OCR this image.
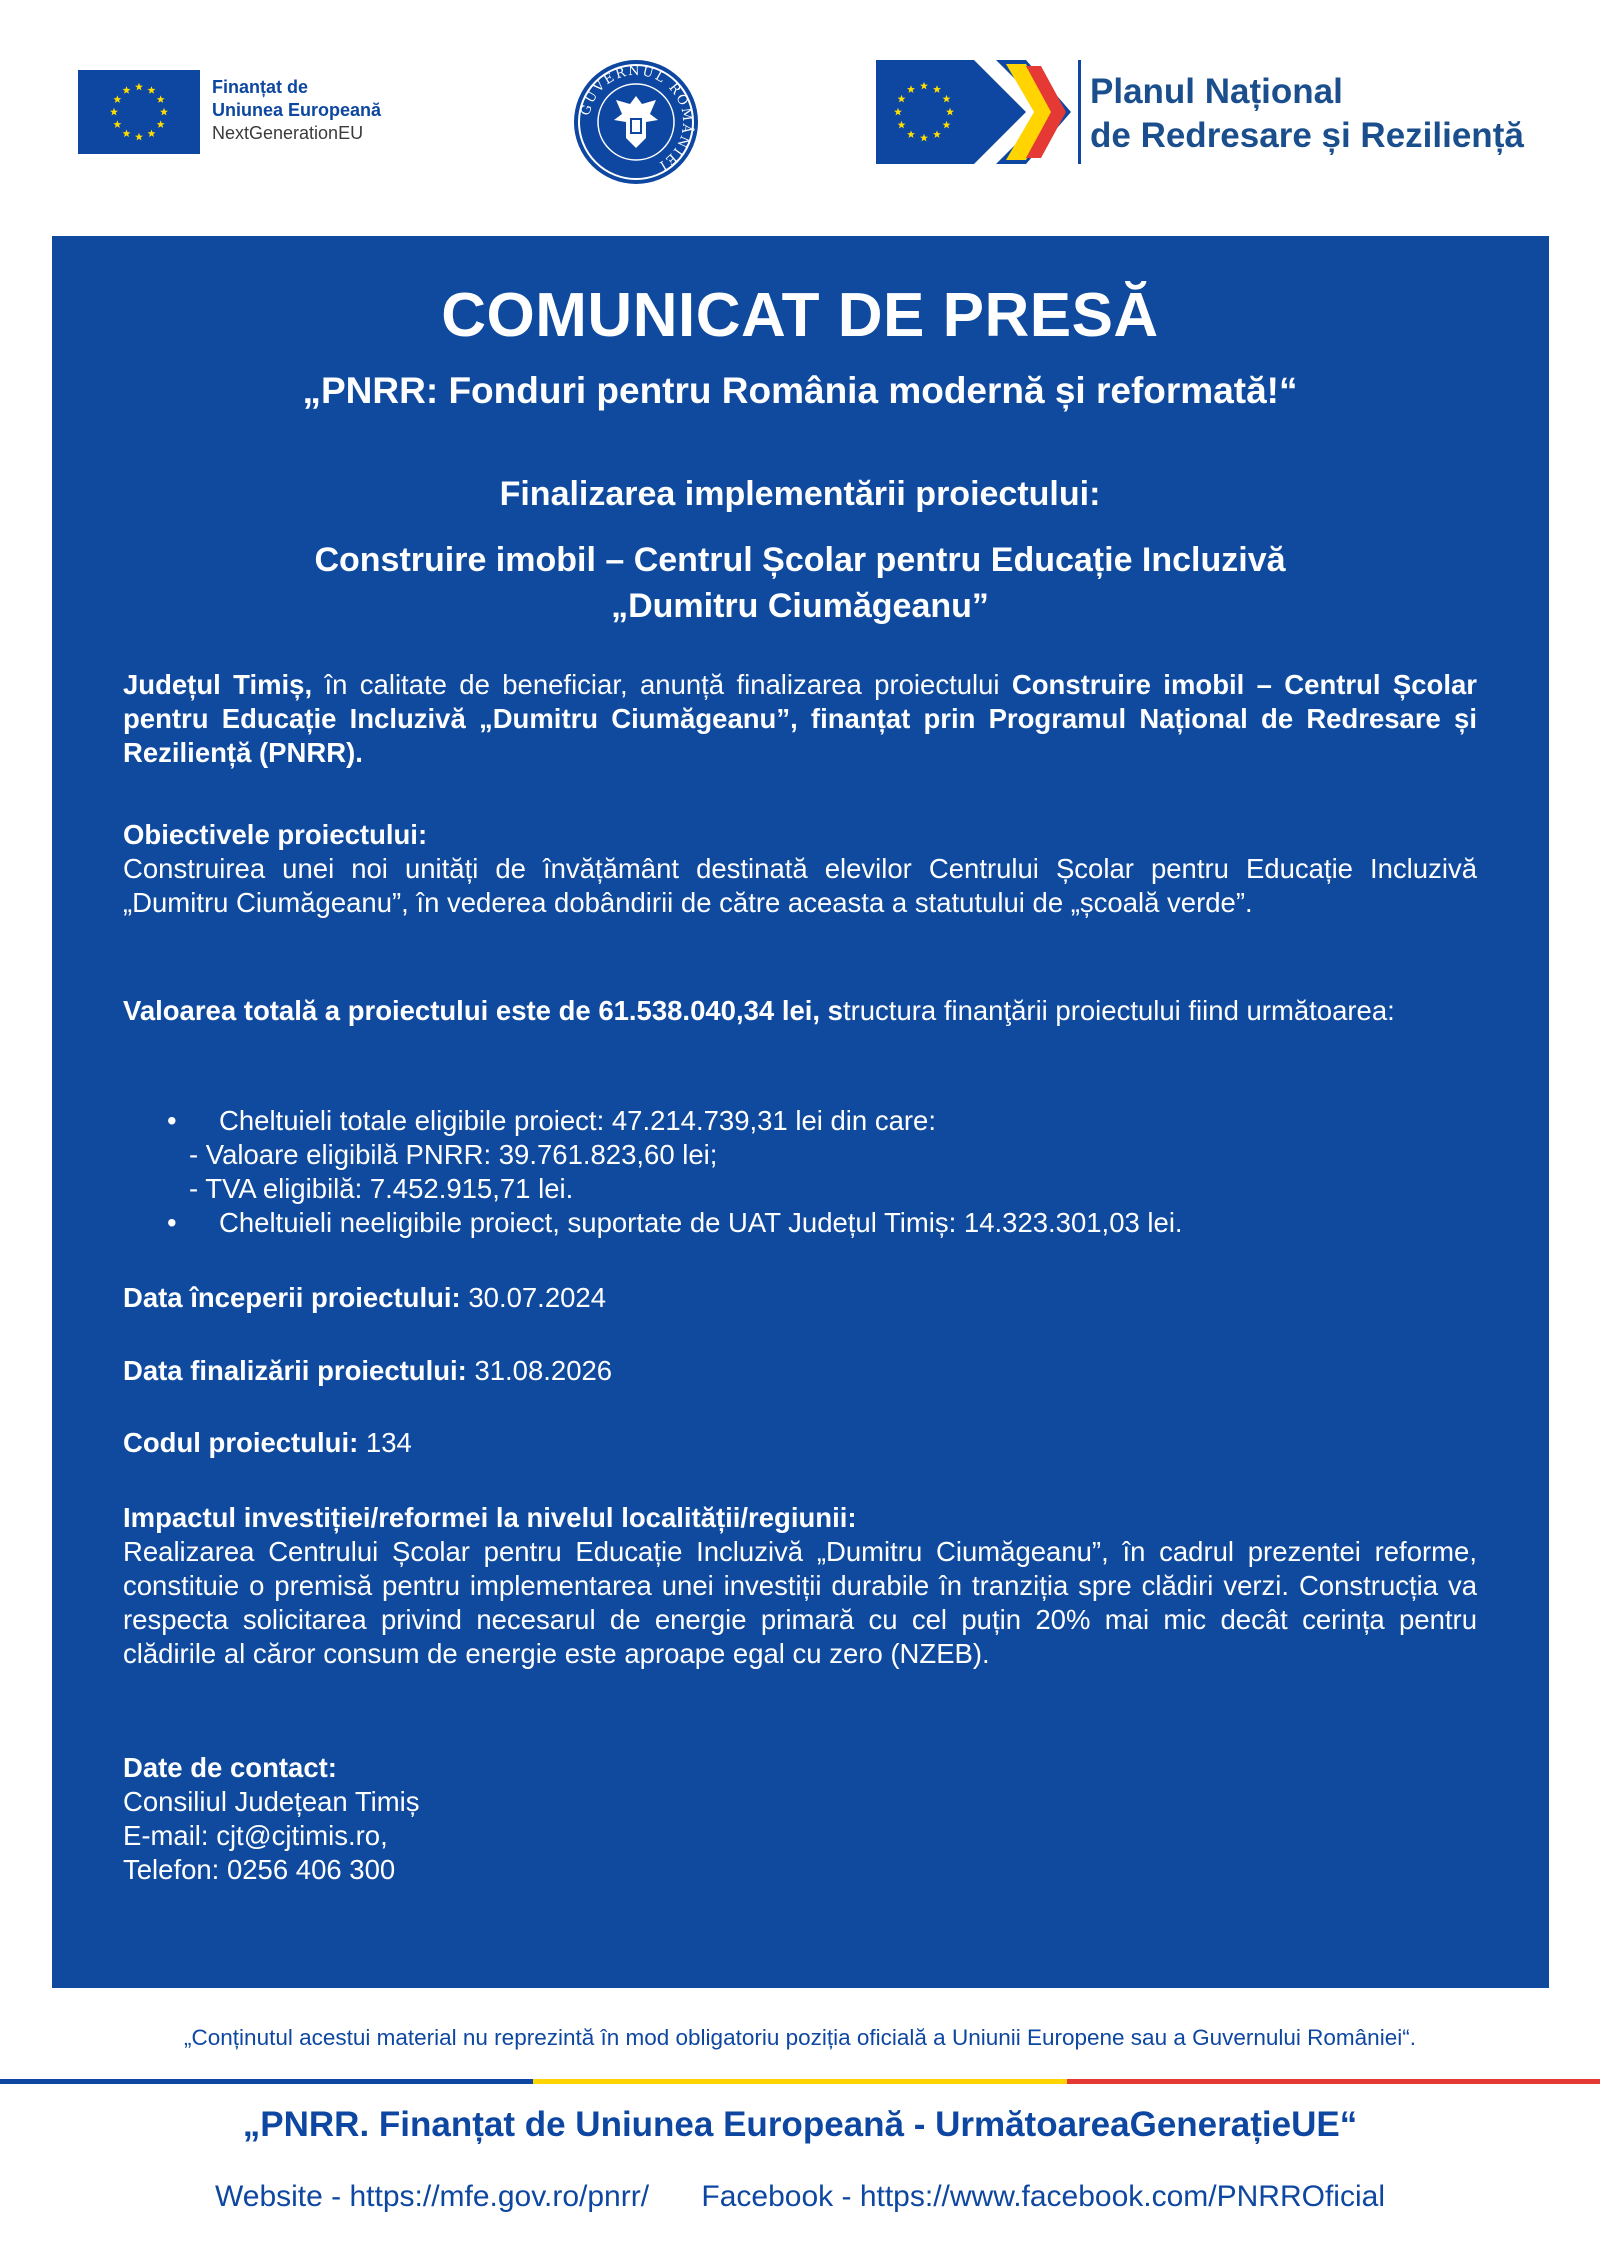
Finanțat de
Uniunea Europeană
NextGenerationEU
GUVERNUL ROMÂNIEI
Planul Național
de Redresare și Reziliență
COMUNICAT DE PRESĂ
„PNRR: Fonduri pentru România modernă și reformată!“
Finalizarea implementării proiectului:
Construire imobil – Centrul Școlar pentru Educație Incluzivă
„Dumitru Ciumăgeanu”
Județul Timiș, în calitate de beneficiar, anunță finalizarea proiectului Construire imobil – Centrul Școlar pentru Educație Incluzivă „Dumitru Ciumăgeanu”, finanțat prin Programul Național de Redresare și Reziliență (PNRR).
Obiectivele proiectului:
Construirea unei noi unități de învățământ destinată elevilor Centrului Școlar pentru Educație Incluzivă „Dumitru Ciumăgeanu”, în vederea dobândirii de către aceasta a statutului de „școală verde”.
Valoarea totală a proiectului este de 61.538.040,34 lei, structura finanţării proiectului fiind următoarea:
• Cheltuieli totale eligibile proiect: 47.214.739,31 lei din care:
- Valoare eligibilă PNRR: 39.761.823,60 lei;
- TVA eligibilă: 7.452.915,71 lei.
• Cheltuieli neeligibile proiect, suportate de UAT Județul Timiș: 14.323.301,03 lei.
Data începerii proiectului: 30.07.2024
Data finalizării proiectului: 31.08.2026
Codul proiectului: 134
Impactul investiției/reformei la nivelul localității/regiunii:
Realizarea Centrului Școlar pentru Educație Incluzivă „Dumitru Ciumăgeanu”, în cadrul prezentei reforme, constituie o premisă pentru implementarea unei investiții durabile în tranziția spre clădiri verzi. Construcția va respecta solicitarea privind necesarul de energie primară cu cel puțin 20% mai mic decât cerința pentru clădirile al căror consum de energie este aproape egal cu zero (NZEB).
Date de contact:
Consiliul Județean Timiș
E-mail: cjt@cjtimis.ro,
Telefon: 0256 406 300
„Conținutul acestui material nu reprezintă în mod obligatoriu poziția oficială a Uniunii Europene sau a Guvernului României“.
„PNRR. Finanțat de Uniunea Europeană - UrmătoareaGenerațieUE“
Website - https://mfe.gov.ro/pnrr/ Facebook - https://www.facebook.com/PNRROficial
